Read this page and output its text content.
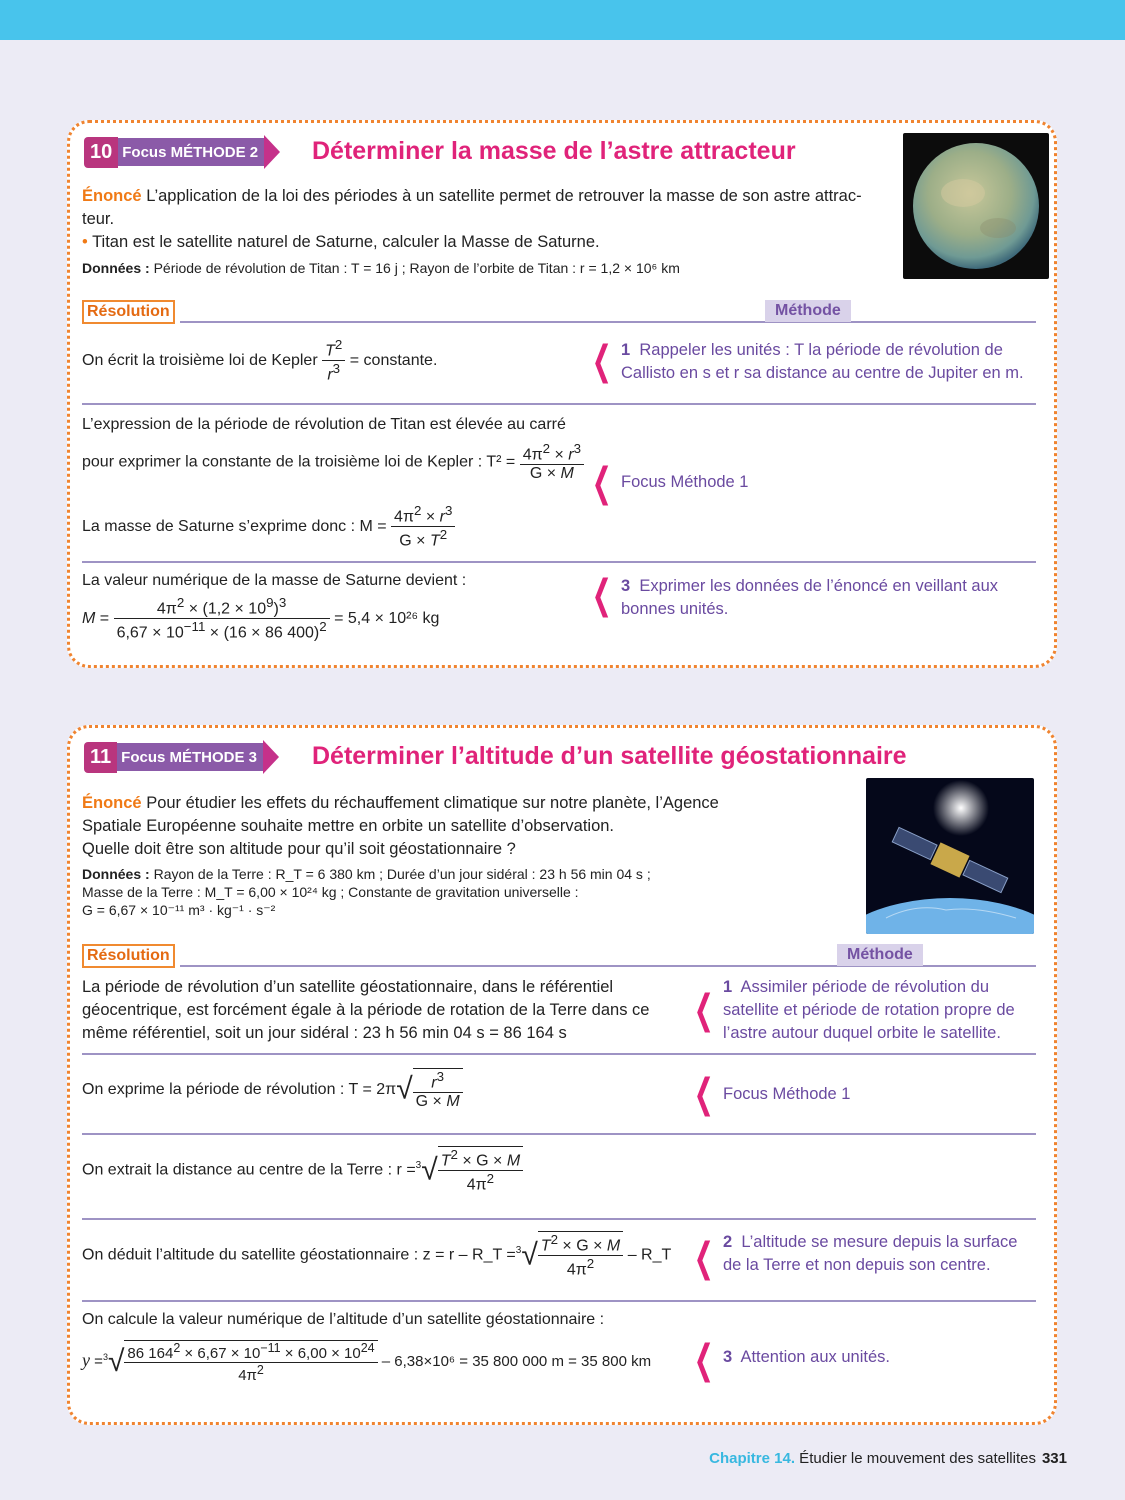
10 Focus MÉTHODE 2 Déterminer la masse de l’astre attracteur
Énoncé L’application de la loi des périodes à un satellite permet de retrouver la masse de son astre attrac-
teur.
• Titan est le satellite naturel de Saturne, calculer la Masse de Saturne.
Données : Période de révolution de Titan : T = 16 j ; Rayon de l’orbite de Titan : r = 1,2 × 10⁶ km
Résolution	Méthode
On écrit la troisième loi de Kepler $\frac{T^2}{r^3}$ = constante.	❮ 1 Rappeler les unités : T la période de révolution de
Callisto en s et r sa distance au centre de Jupiter en m.
L’expression de la période de révolution de Titan est élevée au carré
pour exprimer la constante de la troisième loi de Kepler : $T^2 = \frac{4\pi^2 \times r^3}{G \times M}$
La masse de Saturne s’exprime donc : $M = \frac{4\pi^2 \times r^3}{G \times T^2}$
❮ Focus Méthode 1
La valeur numérique de la masse de Saturne devient :
$M = \frac{4\pi^2 \times (1,2 \times 10^9)^3}{6,67 \times 10^{-11} \times (16 \times 86 400)^2} = 5,4 \times 10^{26}$ kg
❮ 3 Exprimer les données de l’énoncé en veillant aux
bonnes unités.
11 Focus MÉTHODE 3 Déterminer l’altitude d’un satellite géostationnaire
Énoncé Pour étudier les effets du réchauffement climatique sur notre planète, l’Agence
Spatiale Européenne souhaite mettre en orbite un satellite d’observation.
Quelle doit être son altitude pour qu’il soit géostationnaire ?
Données : Rayon de la Terre : R_T = 6 380 km ; Durée d’un jour sidéral : 23 h 56 min 04 s ;
Masse de la Terre : M_T = 6,00 × 10²⁴ kg ; Constante de gravitation universelle :
G = 6,67 × 10⁻¹¹ m³ · kg⁻¹ · s⁻²
Résolution	Méthode
La période de révolution d’un satellite géostationnaire, dans le référentiel
géocentrique, est forcément égale à la période de rotation de la Terre dans ce
même référentiel, soit un jour sidéral : 23 h 56 min 04 s = 86 164 s	❮ 1 Assimiler période de révolution du
satellite et période de rotation propre de
l’astre autour duquel orbite le satellite.
On exprime la période de révolution : $T = 2\pi√ \frac{r^3}{G \times M}$	❮ Focus Méthode 1
On extrait la distance au centre de la Terre : $r =^3√ \frac{T^2 \times G \times M}{4\pi^2}$
On déduit l’altitude du satellite géostationnaire : z = r – R_T $=^3√ \frac{T^2 \times G \times M}{4\pi^2}$ – R_T ❮ 2 L’altitude se mesure depuis la surface
de la Terre et non depuis son centre.
On calcule la valeur numérique de l’altitude d’un satellite géostationnaire :
$y =^3√ \frac{86 164^2 \times 6,67 \times 10^{-11} \times 6,00 \times 10^{24}}{4\pi^2} - 6,38\times 10^6 = 35$ 800 000 m = 35 800 km ❮ 3 Attention aux unités.
Chapitre 14. Étudier le mouvement des satellites 331
